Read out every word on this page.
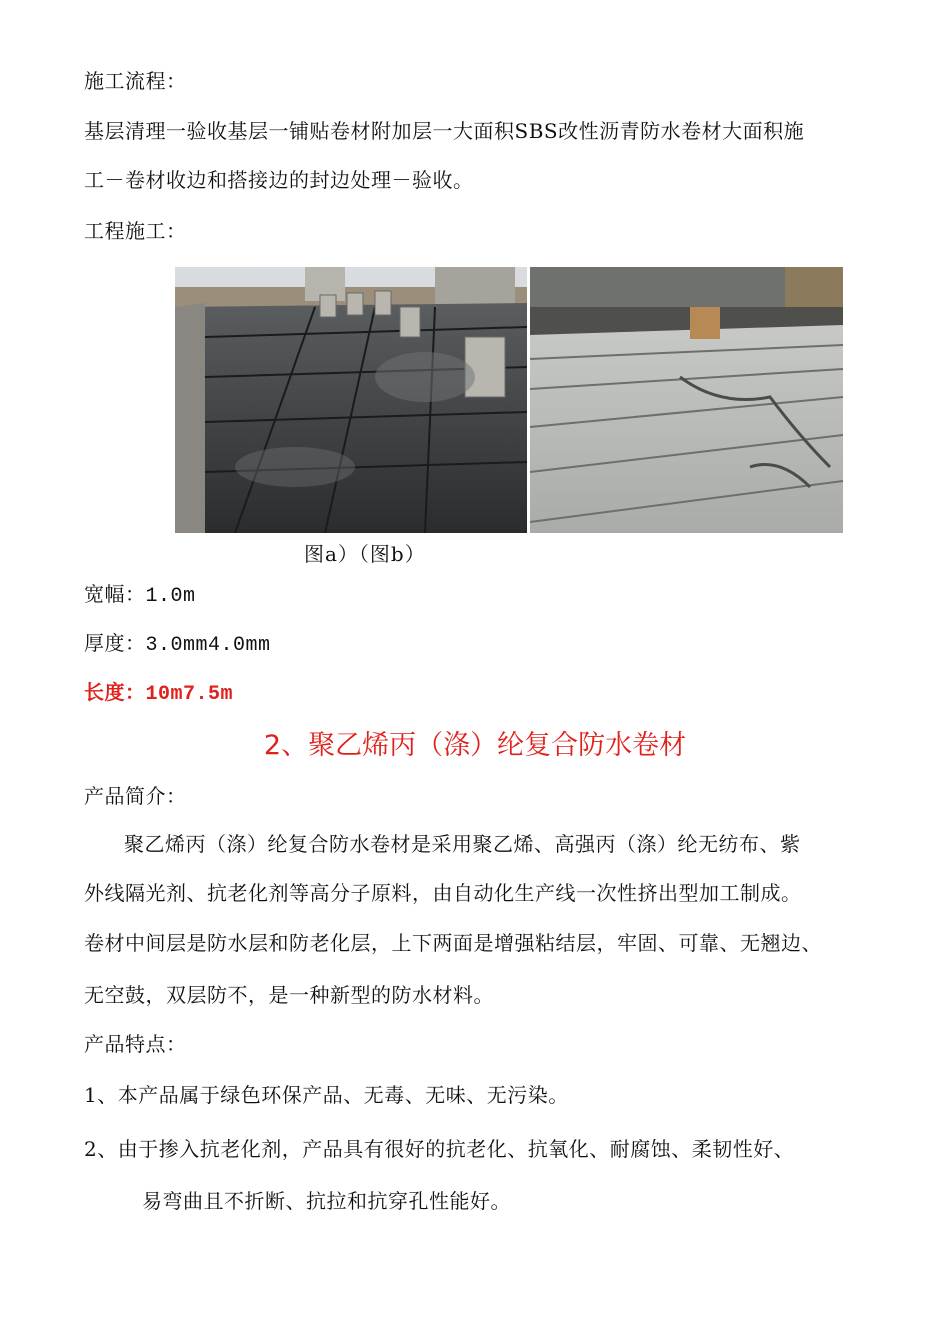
施工流程：
基层清理一验收基层一铺贴卷材附加层一大面积SBS改性沥青防水卷材大面积施
工－卷材收边和搭接边的封边处理－验收。
工程施工：
图a）（图b）
宽幅：1.0m
厚度：3.0mm4.0mm
长度：10m7.5m
2、聚乙烯丙（涤）纶复合防水卷材
产品简介：
聚乙烯丙（涤）纶复合防水卷材是采用聚乙烯、高强丙（涤）纶无纺布、紫
外线隔光剂、抗老化剂等高分子原料，由自动化生产线一次性挤出型加工制成。
卷材中间层是防水层和防老化层，上下两面是增强粘结层，牢固、可靠、无翘边、
无空鼓，双层防不，是一种新型的防水材料。
产品特点：
1、本产品属于绿色环保产品、无毒、无味、无污染。
2、由于掺入抗老化剂，产品具有很好的抗老化、抗氧化、耐腐蚀、柔韧性好、
易弯曲且不折断、抗拉和抗穿孔性能好。
